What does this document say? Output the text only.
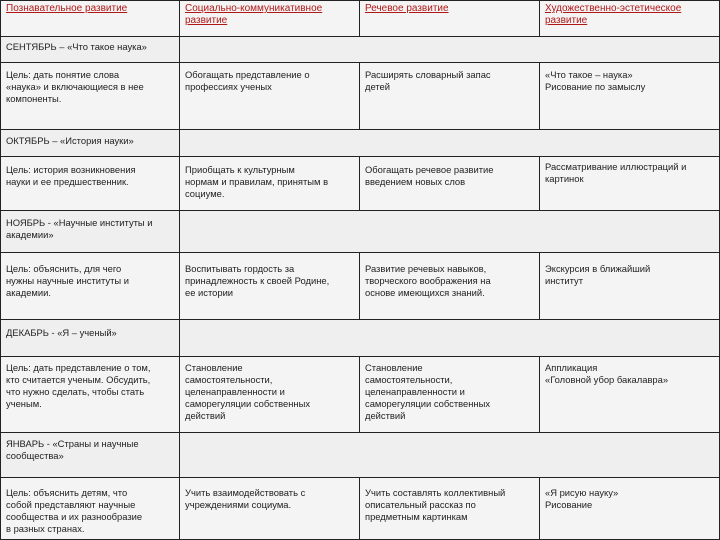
Познавательное развитие	Социально-коммуникативное развитие
Речевое развитие	Художественно-эстетическое развитие
СЕНТЯБРЬ – «Что такое наука»
Цель: дать понятие слова
«наука» и включающиеся в нее
компоненты.
Обогащать представление о
профессиях ученых
Расширять словарный запас
детей
«Что такое – наука»
Рисование по замыслу
ОКТЯБРЬ – «История науки»
Цель: история возникновения
науки и ее предшественник.
Приобщать к культурным
нормам и правилам, принятым в
социуме.
Обогащать речевое развитие
введением новых слов
Рассматривание иллюстраций и
картинок
НОЯБРЬ - «Научные институты и
академии»
Цель: объяснить, для чего
нужны научные институты и
академии.
Воспитывать гордость за
принадлежность к своей Родине,
ее истории
Развитие речевых навыков,
творческого воображения на
основе имеющихся знаний.
Экскурсия в ближайший
институт
ДЕКАБРЬ - «Я – ученый»
Цель: дать представление о том,
кто считается ученым. Обсудить,
что нужно сделать, чтобы стать
ученым.
Становление
самостоятельности,
целенаправленности и
саморегуляции собственных
действий
Становление
самостоятельности,
целенаправленности и
саморегуляции собственных
действий
Аппликация
«Головной убор бакалавра»
ЯНВАРЬ - «Страны и научные
сообщества»
Цель: объяснить детям, что
собой представляют научные
сообщества и их разнообразие
в разных странах.
Учить взаимодействовать с
учреждениями социума.
Учить составлять коллективный
описательный рассказ по
предметным картинкам
«Я рисую науку»
Рисование
